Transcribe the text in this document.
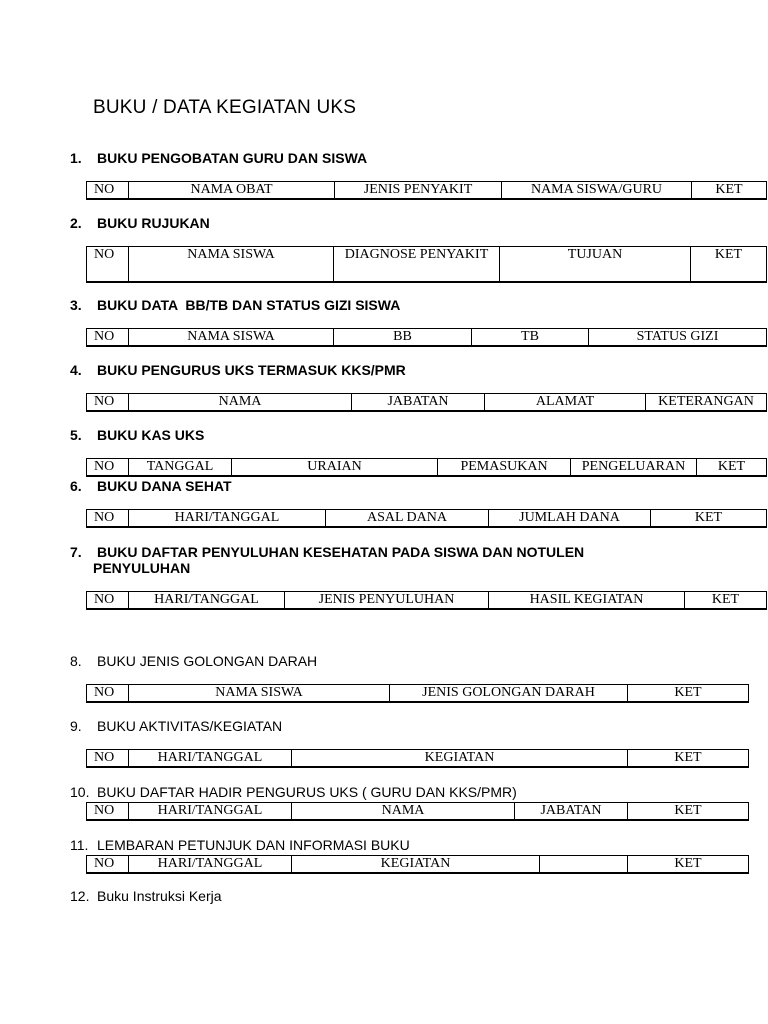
BUKU / DATA KEGIATAN UKS
1. BUKU PENGOBATAN GURU DAN SISWA
NO	NAMA OBAT	JENIS PENYAKIT	NAMA SISWA/GURU	KET
2. BUKU RUJUKAN
NO	NAMA SISWA	DIAGNOSE PENYAKIT	TUJUAN	KET
3. BUKU DATA  BB/TB DAN STATUS GIZI SISWA
NO	NAMA SISWA	BB	TB	STATUS GIZI
4. BUKU PENGURUS UKS TERMASUK KKS/PMR
NO	NAMA	JABATAN	ALAMAT	KETERANGAN
5. BUKU KAS UKS
NO	TANGGAL	URAIAN	PEMASUKAN	PENGELUARAN	KET
6. BUKU DANA SEHAT
NO	HARI/TANGGAL	ASAL DANA	JUMLAH DANA	KET
7. BUKU DAFTAR PENYULUHAN KESEHATAN PADA SISWA DAN NOTULEN
PENYULUHAN
NO	HARI/TANGGAL	JENIS PENYULUHAN	HASIL KEGIATAN	KET
8. BUKU JENIS GOLONGAN DARAH
NO	NAMA SISWA	JENIS GOLONGAN DARAH	KET
9. BUKU AKTIVITAS/KEGIATAN
NO	HARI/TANGGAL	KEGIATAN	KET
10. BUKU DAFTAR HADIR PENGURUS UKS ( GURU DAN KKS/PMR)
NO	HARI/TANGGAL	NAMA	JABATAN	KET
11. LEMBARAN PETUNJUK DAN INFORMASI BUKU
NO	HARI/TANGGAL	KEGIATAN		KET
12. Buku Instruksi Kerja
